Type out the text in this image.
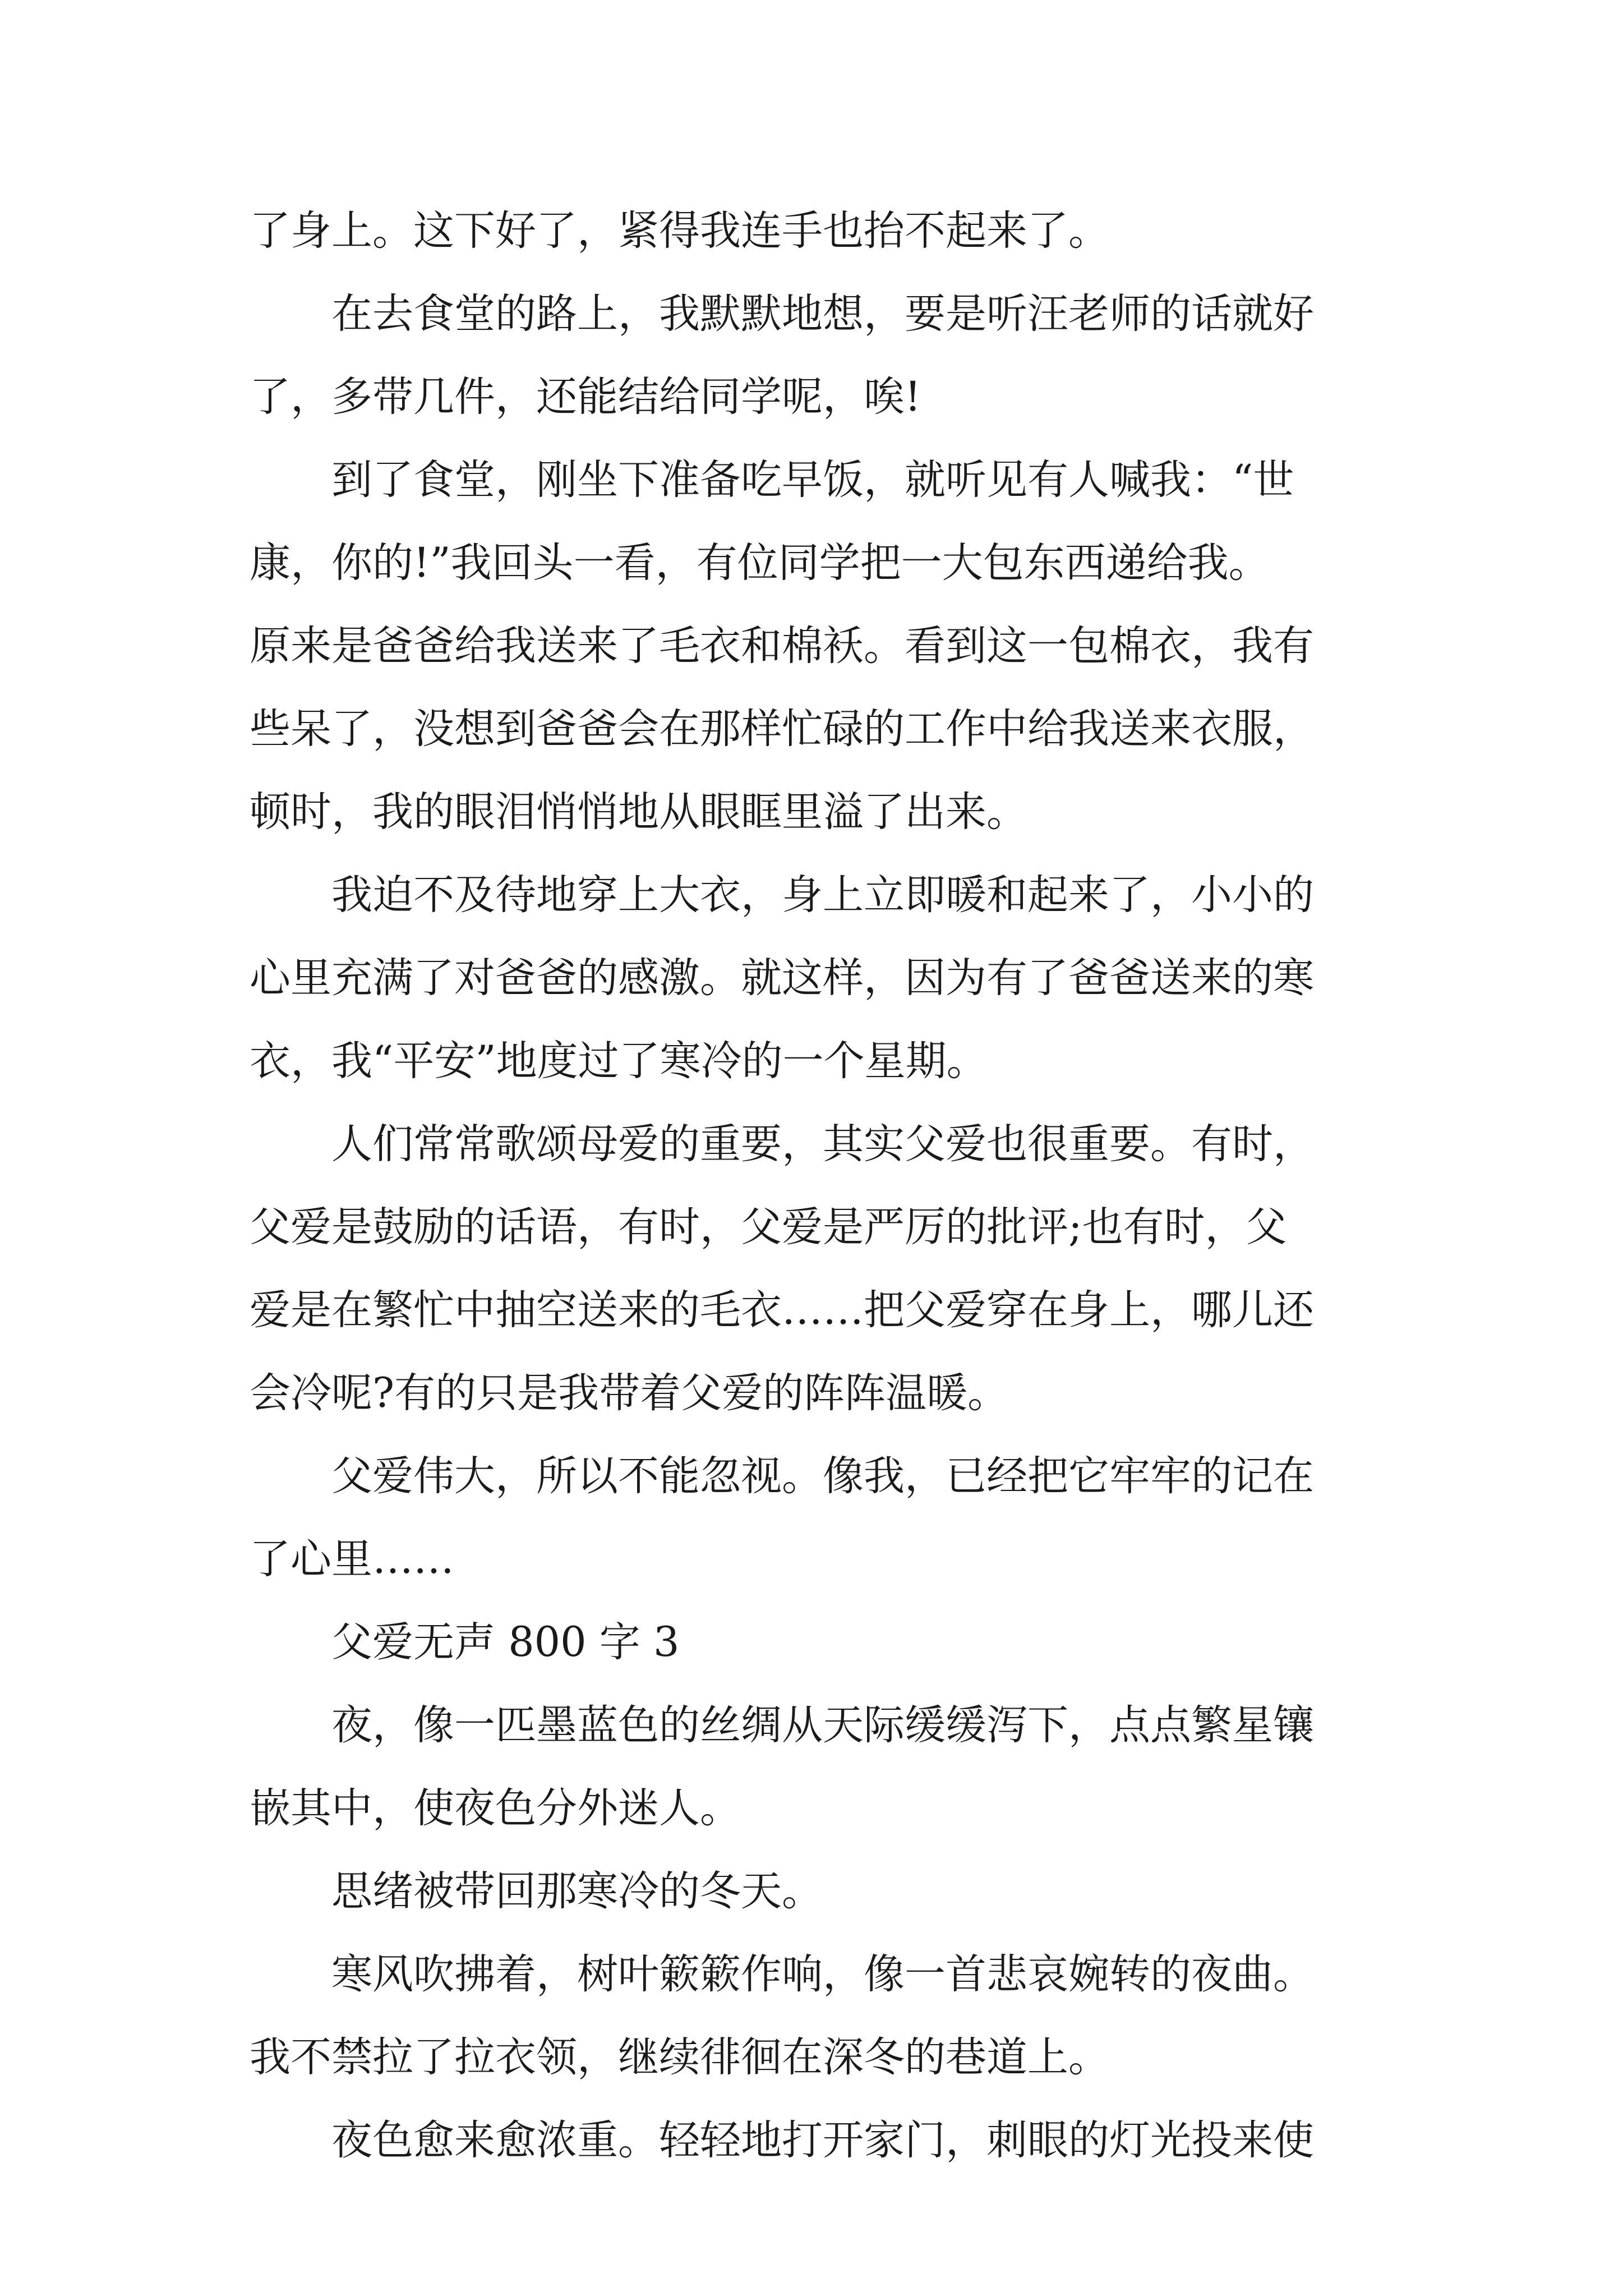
了身上。这下好了，紧得我连手也抬不起来了。

在去食堂的路上，我默默地想，要是听汪老师的话就好
了，多带几件，还能结给同学呢，唉!

到了食堂，刚坐下准备吃早饭，就听见有人喊我：“世
康，你的!”我回头一看，有位同学把一大包东西递给我。
原来是爸爸给我送来了毛衣和棉袄。看到这一包棉衣，我有
些呆了，没想到爸爸会在那样忙碌的工作中给我送来衣服，
顿时，我的眼泪悄悄地从眼眶里溢了出来。

我迫不及待地穿上大衣，身上立即暖和起来了，小小的
心里充满了对爸爸的感激。就这样，因为有了爸爸送来的寒
衣，我“平安”地度过了寒冷的一个星期。

人们常常歌颂母爱的重要，其实父爱也很重要。有时，
父爱是鼓励的话语，有时，父爱是严厉的批评;也有时，父
爱是在繁忙中抽空送来的毛衣……把父爱穿在身上，哪儿还
会冷呢?有的只是我带着父爱的阵阵温暖。

父爱伟大，所以不能忽视。像我，已经把它牢牢的记在
了心里……

父爱无声 800 字 3

夜，像一匹墨蓝色的丝绸从天际缓缓泻下，点点繁星镶
嵌其中，使夜色分外迷人。

思绪被带回那寒冷的冬天。

寒风吹拂着，树叶簌簌作响，像一首悲哀婉转的夜曲。
我不禁拉了拉衣领，继续徘徊在深冬的巷道上。

夜色愈来愈浓重。轻轻地打开家门，刺眼的灯光投来使
